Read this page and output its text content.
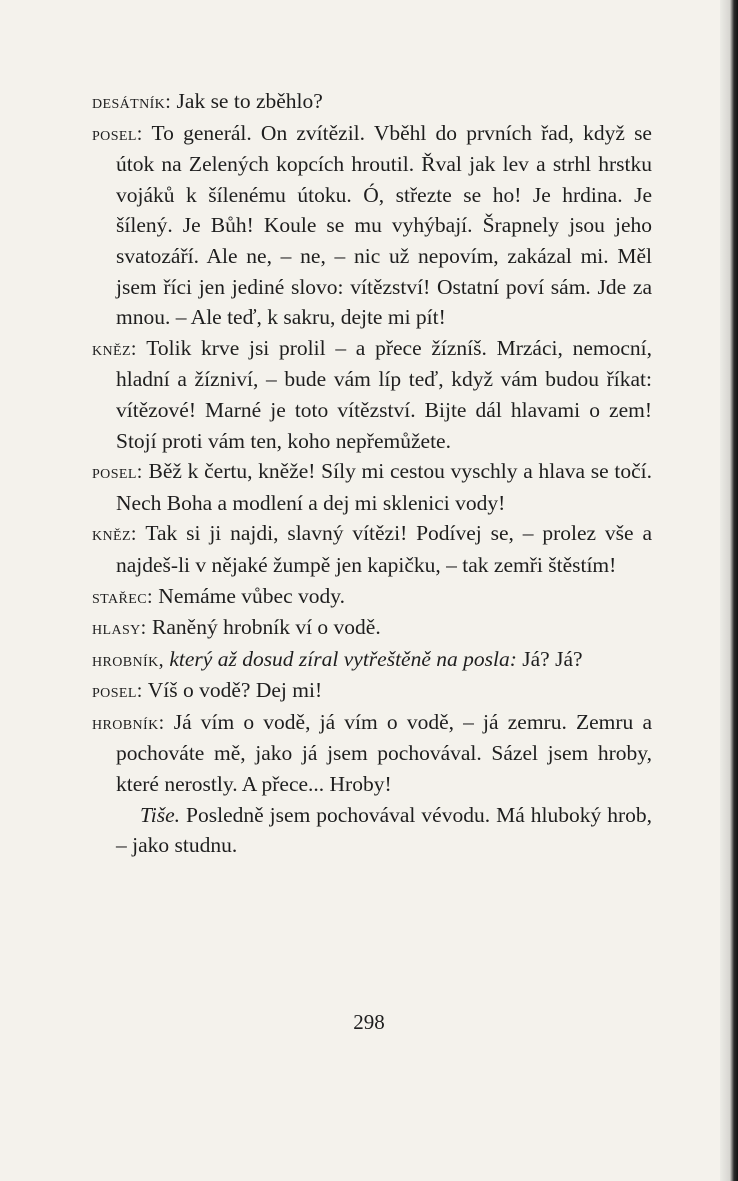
desátník: Jak se to zběhlo?

posel: To generál. On zvítězil. Vběhl do prvních řad, když se útok na Zelených kopcích hroutil. Řval jak lev a strhl hrstku vojáků k šílenému útoku. Ó, střezte se ho! Je hrdina. Je šílený. Je Bůh! Koule se mu vyhýbají. Šrapnely jsou jeho svatozáří. Ale ne, – ne, – nic už nepovím, zakázal mi. Měl jsem říci jen jediné slovo: vítězství! Ostatní poví sám. Jde za mnou. – Ale teď, k sakru, dejte mi pít!

kněz: Tolik krve jsi prolil – a přece žízníš. Mrzáci, nemocní, hladní a žízniví, – bude vám líp teď, když vám budou říkat: vítězové! Marné je toto vítězství. Bijte dál hlavami o zem! Stojí proti vám ten, koho nepřemůžete.

posel: Běž k čertu, kněže! Síly mi cestou vyschly a hlava se točí. Nech Boha a modlení a dej mi sklenici vody!

kněz: Tak si ji najdi, slavný vítězi! Podívej se, – prolez vše a najdeš-li v nějaké žumpě jen kapičku, – tak zemři štěstím!

stařec: Nemáme vůbec vody.

hlasy: Raněný hrobník ví o vodě.

hrobník, který až dosud zíral vytřeštěně na posla: Já? Já?

posel: Víš o vodě? Dej mi!

hrobník: Já vím o vodě, já vím o vodě, – já zemru. Zemru a pochováte mě, jako já jsem pochovával. Sázel jsem hroby, které nerostly. A přece... Hroby!

Tiše. Posledně jsem pochovával vévodu. Má hluboký hrob, – jako studnu.

298
